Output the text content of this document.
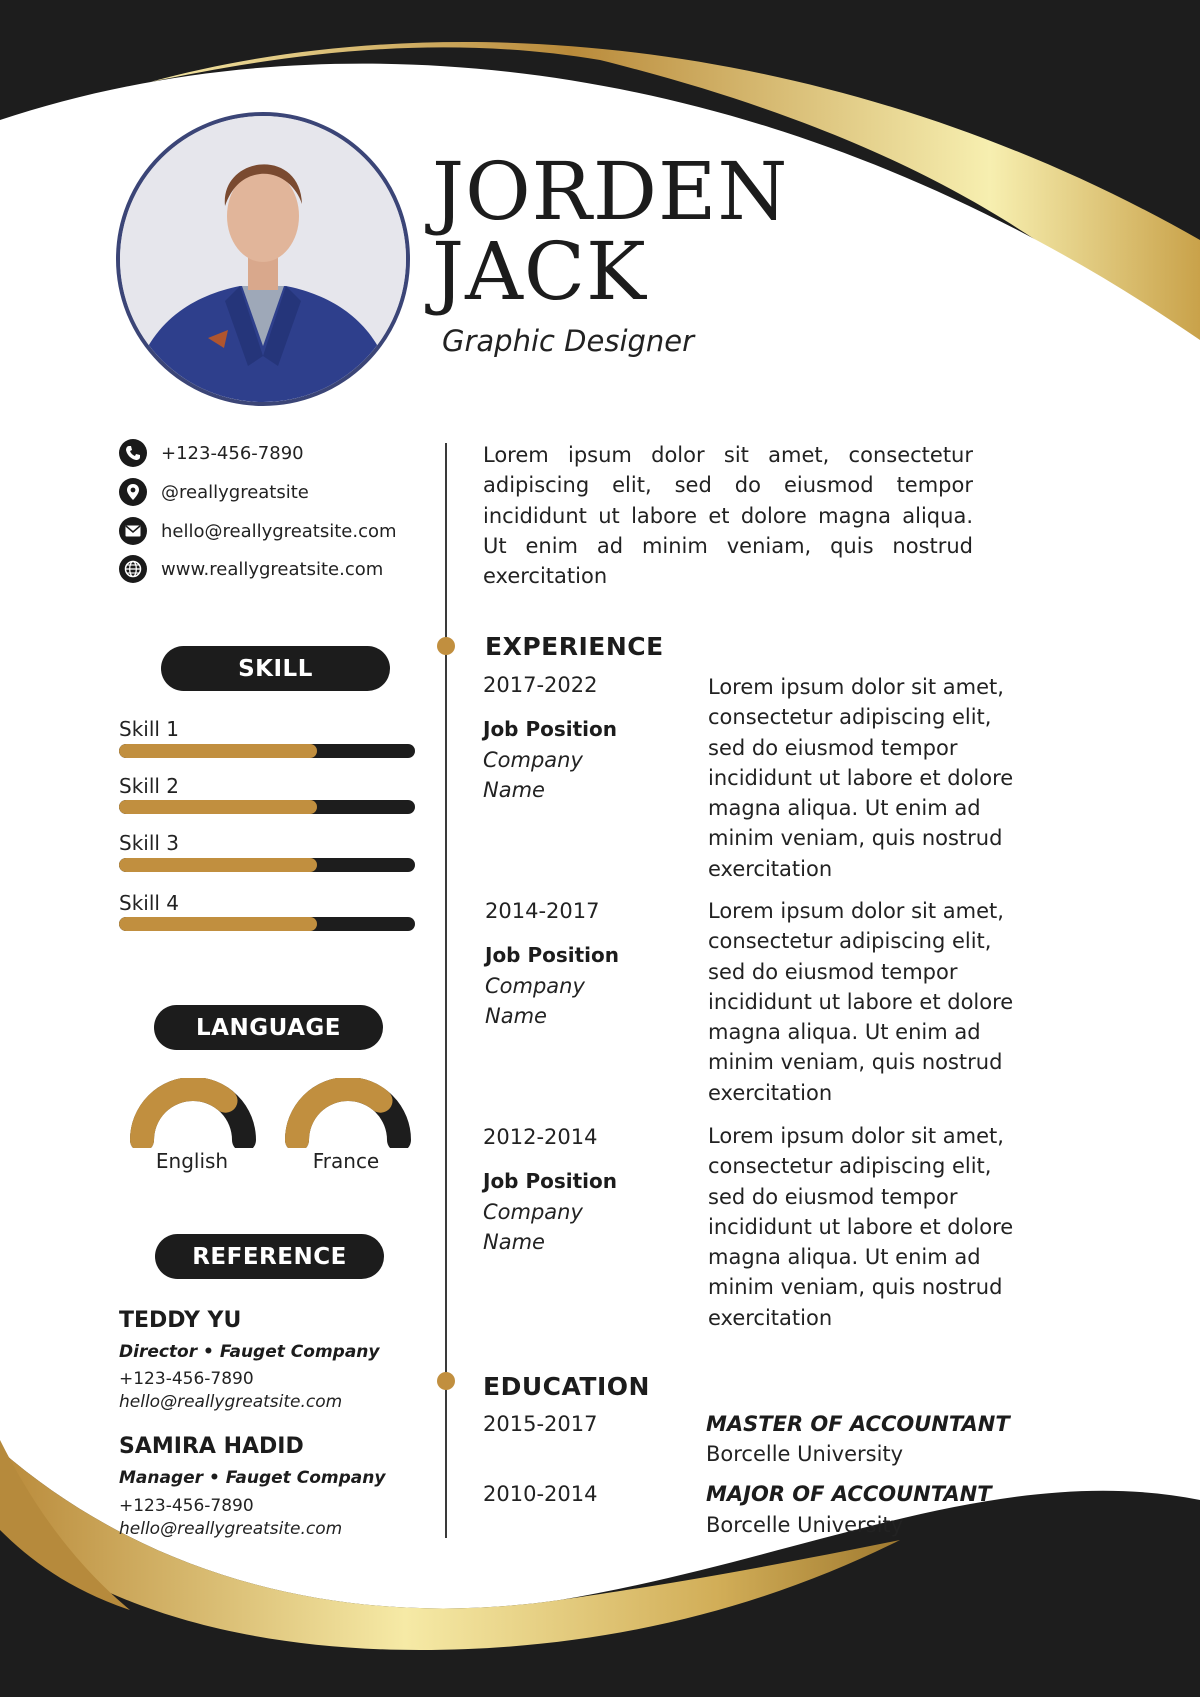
JORDEN
JACK
Graphic Designer
+123-456-7890
@reallygreatsite
hello@reallygreatsite.com
www.reallygreatsite.com
SKILL
Skill 1
Skill 2
Skill 3
Skill 4
LANGUAGE
English	France
REFERENCE
TEDDY YU
Director • Fauget Company
+123-456-7890
hello@reallygreatsite.com
SAMIRA HADID
Manager • Fauget Company
+123-456-7890
hello@reallygreatsite.com
Lorem ipsum dolor sit amet, consectetur adipiscing elit, sed do eiusmod tempor incididunt ut labore et dolore magna aliqua. Ut enim ad minim veniam, quis nostrud exercitation
EXPERIENCE
2017-2022
Job Position
Company Name
Lorem ipsum dolor sit amet, consectetur adipiscing elit, sed do eiusmod tempor incididunt ut labore et dolore magna aliqua. Ut enim ad minim veniam, quis nostrud exercitation
2014-2017
Job Position
Company Name
Lorem ipsum dolor sit amet, consectetur adipiscing elit, sed do eiusmod tempor incididunt ut labore et dolore magna aliqua. Ut enim ad minim veniam, quis nostrud exercitation
2012-2014
Job Position
Company Name
Lorem ipsum dolor sit amet, consectetur adipiscing elit, sed do eiusmod tempor incididunt ut labore et dolore magna aliqua. Ut enim ad minim veniam, quis nostrud exercitation
EDUCATION
2015-2017	MASTER OF ACCOUNTANT
Borcelle University
2010-2014	MAJOR OF ACCOUNTANT
Borcelle University
